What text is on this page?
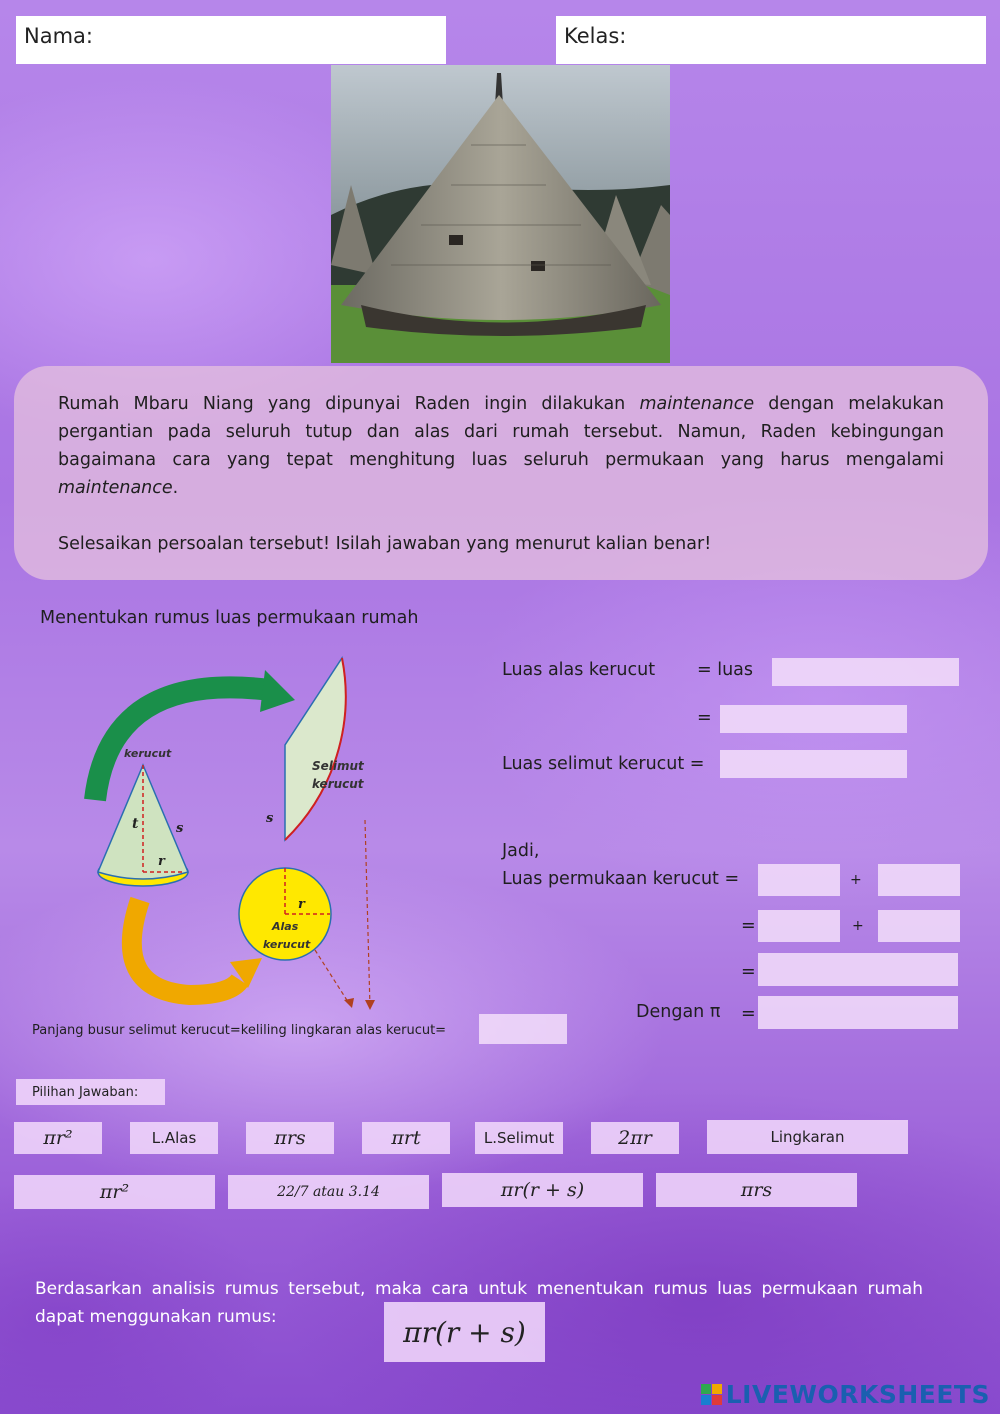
Nama:	Kelas:

Rumah Mbaru Niang yang dipunyai Raden ingin dilakukan maintenance dengan melakukan pergantian pada seluruh tutup dan alas dari rumah tersebut. Namun, Raden kebingungan bagaimana cara yang tepat menghitung luas seluruh permukaan yang harus mengalami maintenance.

Selesaikan persoalan tersebut! Isilah jawaban yang menurut kalian benar!

Menentukan rumus luas permukaan rumah
kerucut
t	s
r
Selimut
kerucut
s
r
Alas
kerucut
Luas alas kerucut = luas
=
Luas selimut kerucut =
Jadi,
Luas permukaan kerucut =	+
=	+
=
Dengan π =
Panjang busur selimut kerucut=keliling lingkaran alas kerucut=
Pilihan Jawaban:
πr²	L.Alas	πrs	πrt	L.Selimut	2πr	Lingkaran
πr²	22/7 atau 3.14	πr(r + s)	πrs
Berdasarkan analisis rumus tersebut, maka cara untuk menentukan rumus luas permukaan rumah dapat menggunakan rumus:	πr(r + s)
LIVEWORKSHEETS
